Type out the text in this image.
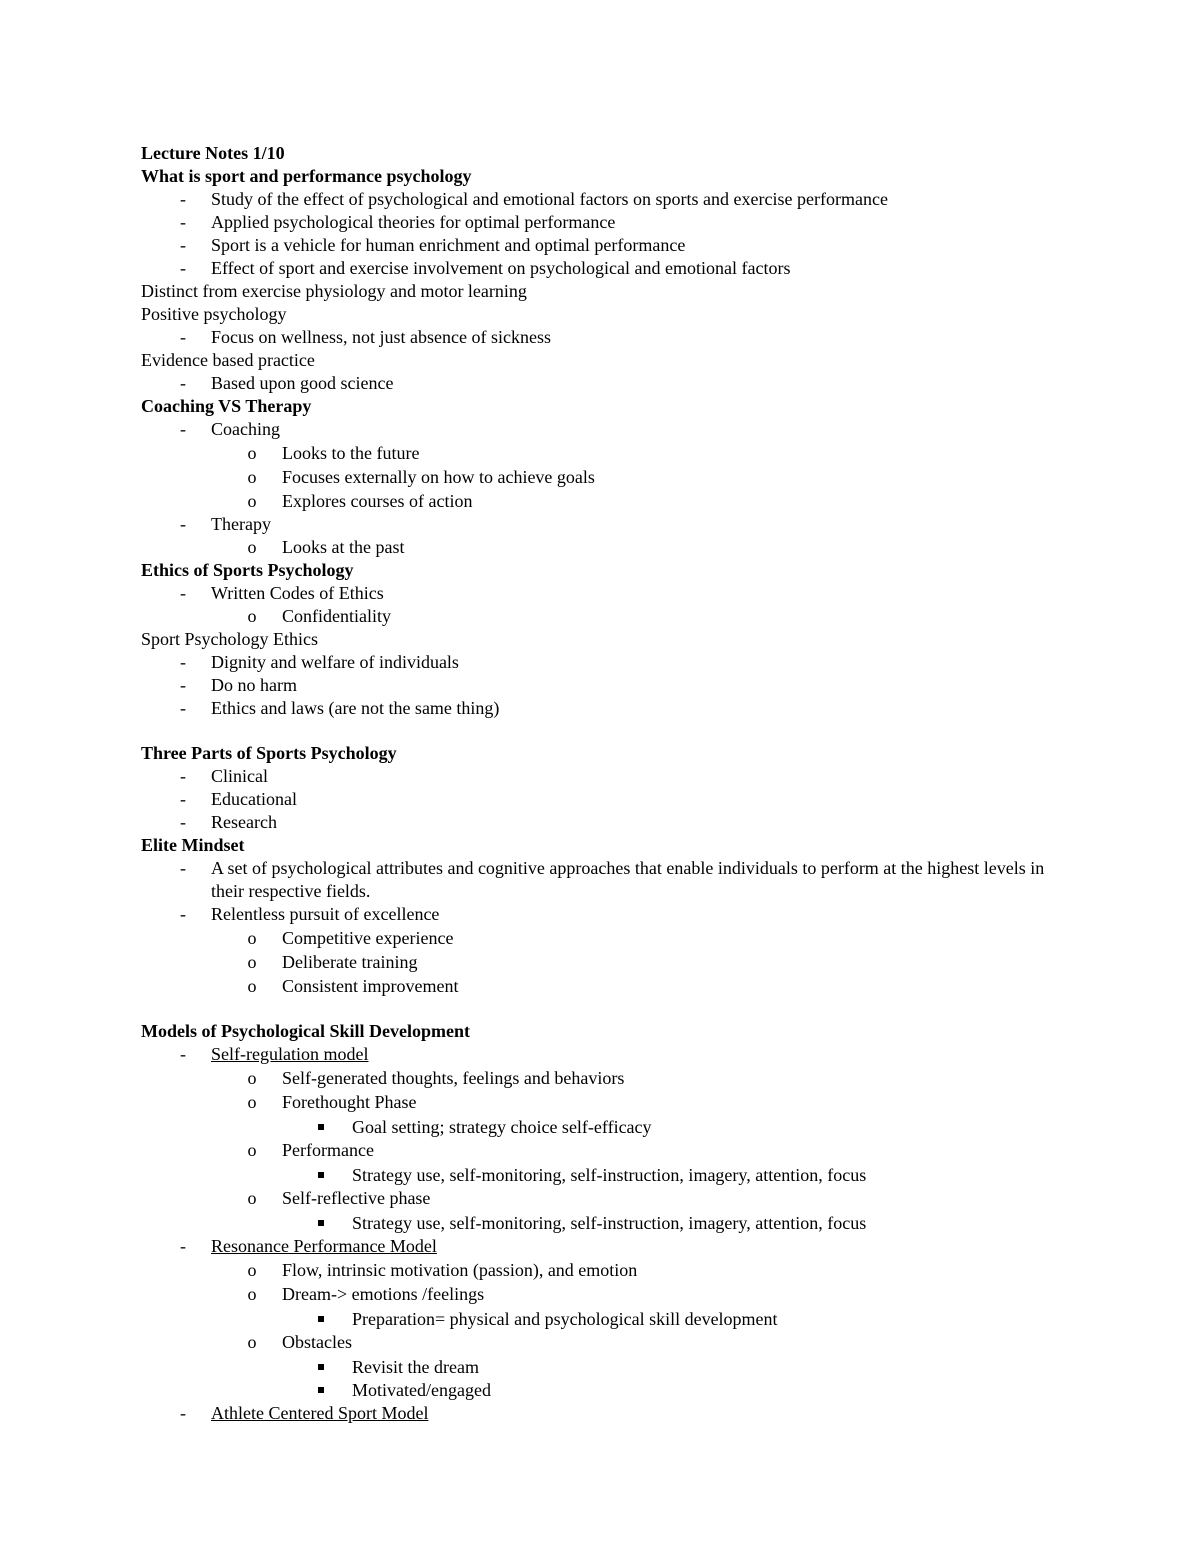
Lecture Notes 1/10
What is sport and performance psychology
-	Study of the effect of psychological and emotional factors on sports and exercise performance
-	Applied psychological theories for optimal performance
-	Sport is a vehicle for human enrichment and optimal performance
-	Effect of sport and exercise involvement on psychological and emotional factors
Distinct from exercise physiology and motor learning
Positive psychology
-	Focus on wellness, not just absence of sickness
Evidence based practice
-	Based upon good science
Coaching VS Therapy
-	Coaching
o	Looks to the future
o	Focuses externally on how to achieve goals
o	Explores courses of action
-	Therapy
o	Looks at the past
Ethics of Sports Psychology
-	Written Codes of Ethics
o	Confidentiality
Sport Psychology Ethics
-	Dignity and welfare of individuals
-	Do no harm
-	Ethics and laws (are not the same thing)
Three Parts of Sports Psychology
-	Clinical
-	Educational
-	Research
Elite Mindset
-	A set of psychological attributes and cognitive approaches that enable individuals to perform at the highest levels in their respective fields.
-	Relentless pursuit of excellence
o	Competitive experience
o	Deliberate training
o	Consistent improvement
Models of Psychological Skill Development
-	Self-regulation model
o	Self-generated thoughts, feelings and behaviors
o	Forethought Phase
Goal setting; strategy choice self-efficacy
o	Performance
Strategy use, self-monitoring, self-instruction, imagery, attention, focus
o	Self-reflective phase
Strategy use, self-monitoring, self-instruction, imagery, attention, focus
-	Resonance Performance Model
o	Flow, intrinsic motivation (passion), and emotion
o	Dream-> emotions /feelings
Preparation= physical and psychological skill development
o	Obstacles
Revisit the dream
Motivated/engaged
-	Athlete Centered Sport Model
